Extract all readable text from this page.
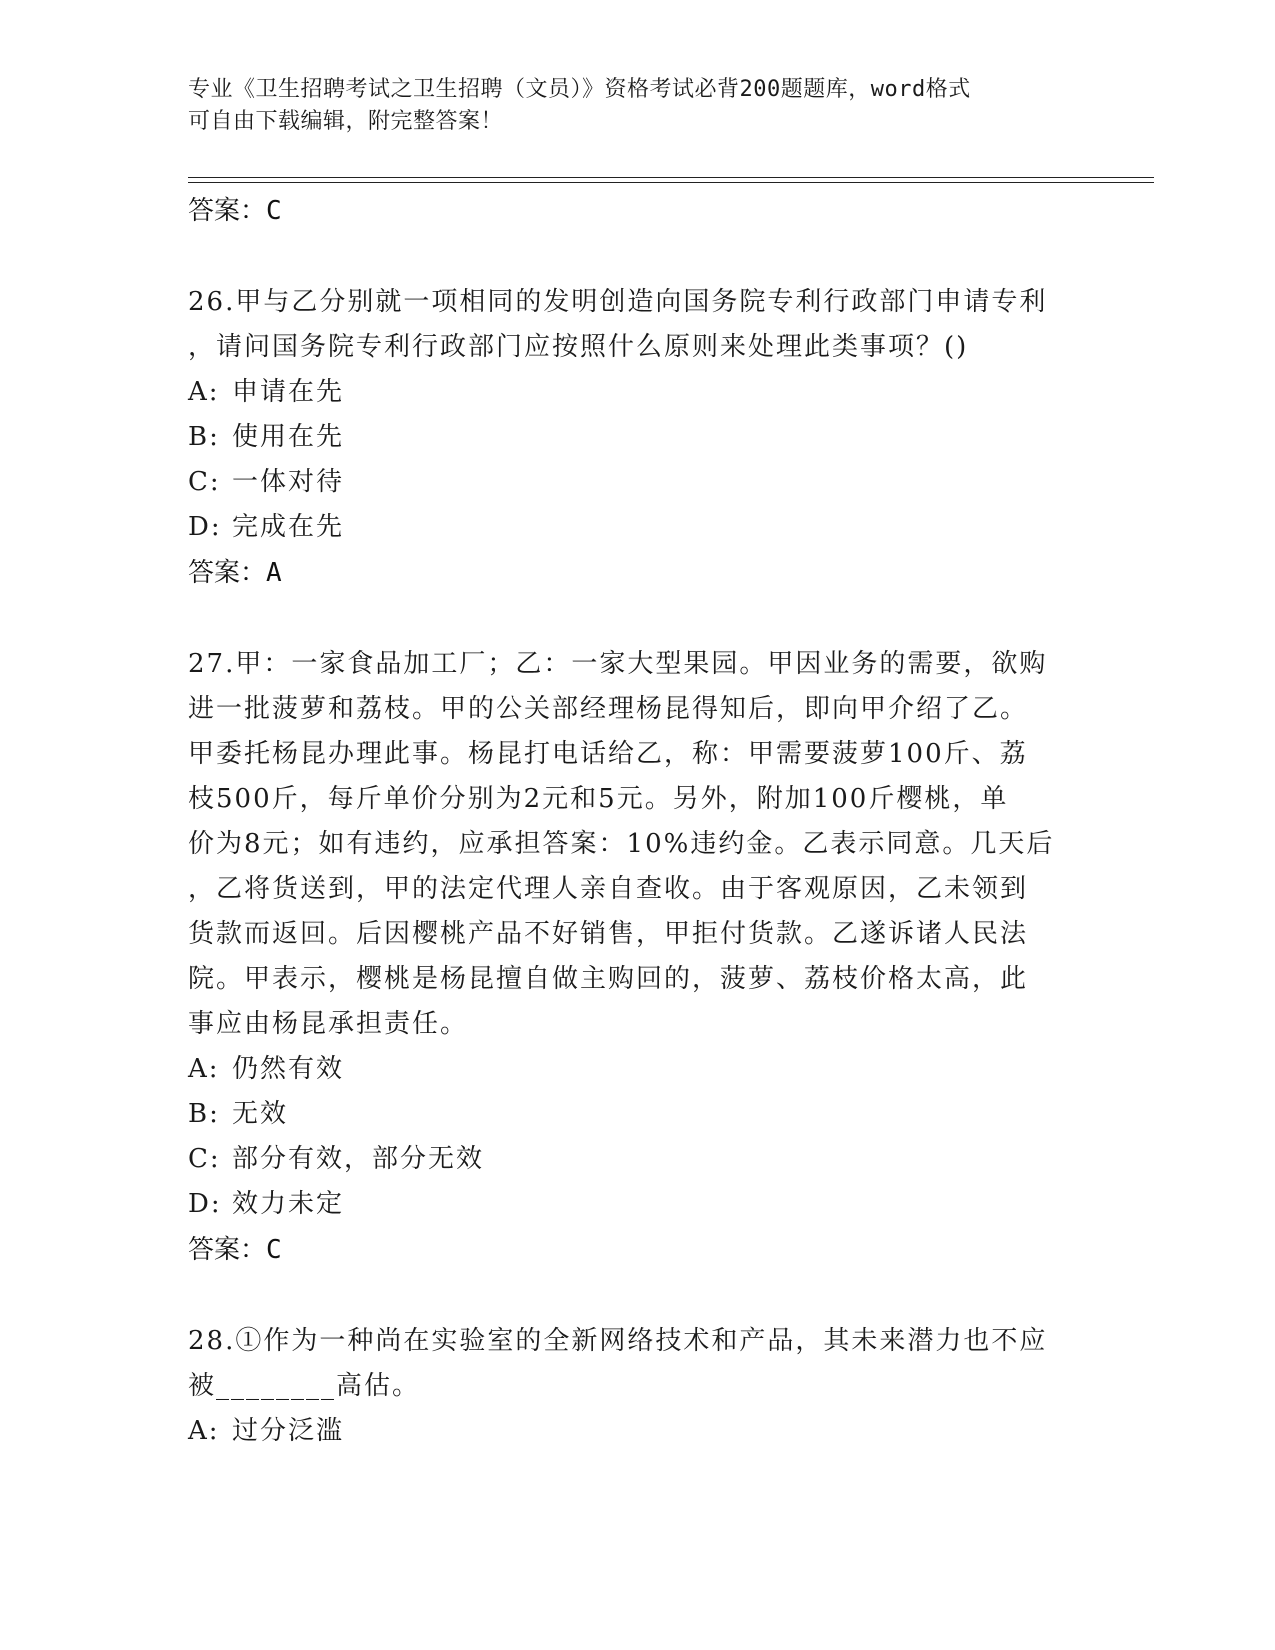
专业《卫生招聘考试之卫生招聘（文员）》资格考试必背200题题库，word格式
可自由下载编辑，附完整答案！
答案：C
26.甲与乙分别就一项相同的发明创造向国务院专利行政部门申请专利
，请问国务院专利行政部门应按照什么原则来处理此类事项？()
A: 申请在先
B: 使用在先
C: 一体对待
D: 完成在先
答案：A
27.甲：一家食品加工厂；乙：一家大型果园。甲因业务的需要，欲购
进一批菠萝和荔枝。甲的公关部经理杨昆得知后，即向甲介绍了乙。
甲委托杨昆办理此事。杨昆打电话给乙，称：甲需要菠萝100斤、荔
枝500斤，每斤单价分别为2元和5元。另外，附加100斤樱桃，单
价为8元；如有违约，应承担答案：10%违约金。乙表示同意。几天后
，乙将货送到，甲的法定代理人亲自查收。由于客观原因，乙未领到
货款而返回。后因樱桃产品不好销售，甲拒付货款。乙遂诉诸人民法
院。甲表示，樱桃是杨昆擅自做主购回的，菠萝、荔枝价格太高，此
事应由杨昆承担责任。
A: 仍然有效
B: 无效
C: 部分有效，部分无效
D: 效力未定
答案：C
28.①作为一种尚在实验室的全新网络技术和产品，其未来潜力也不应
被________高估。
A: 过分泛滥
